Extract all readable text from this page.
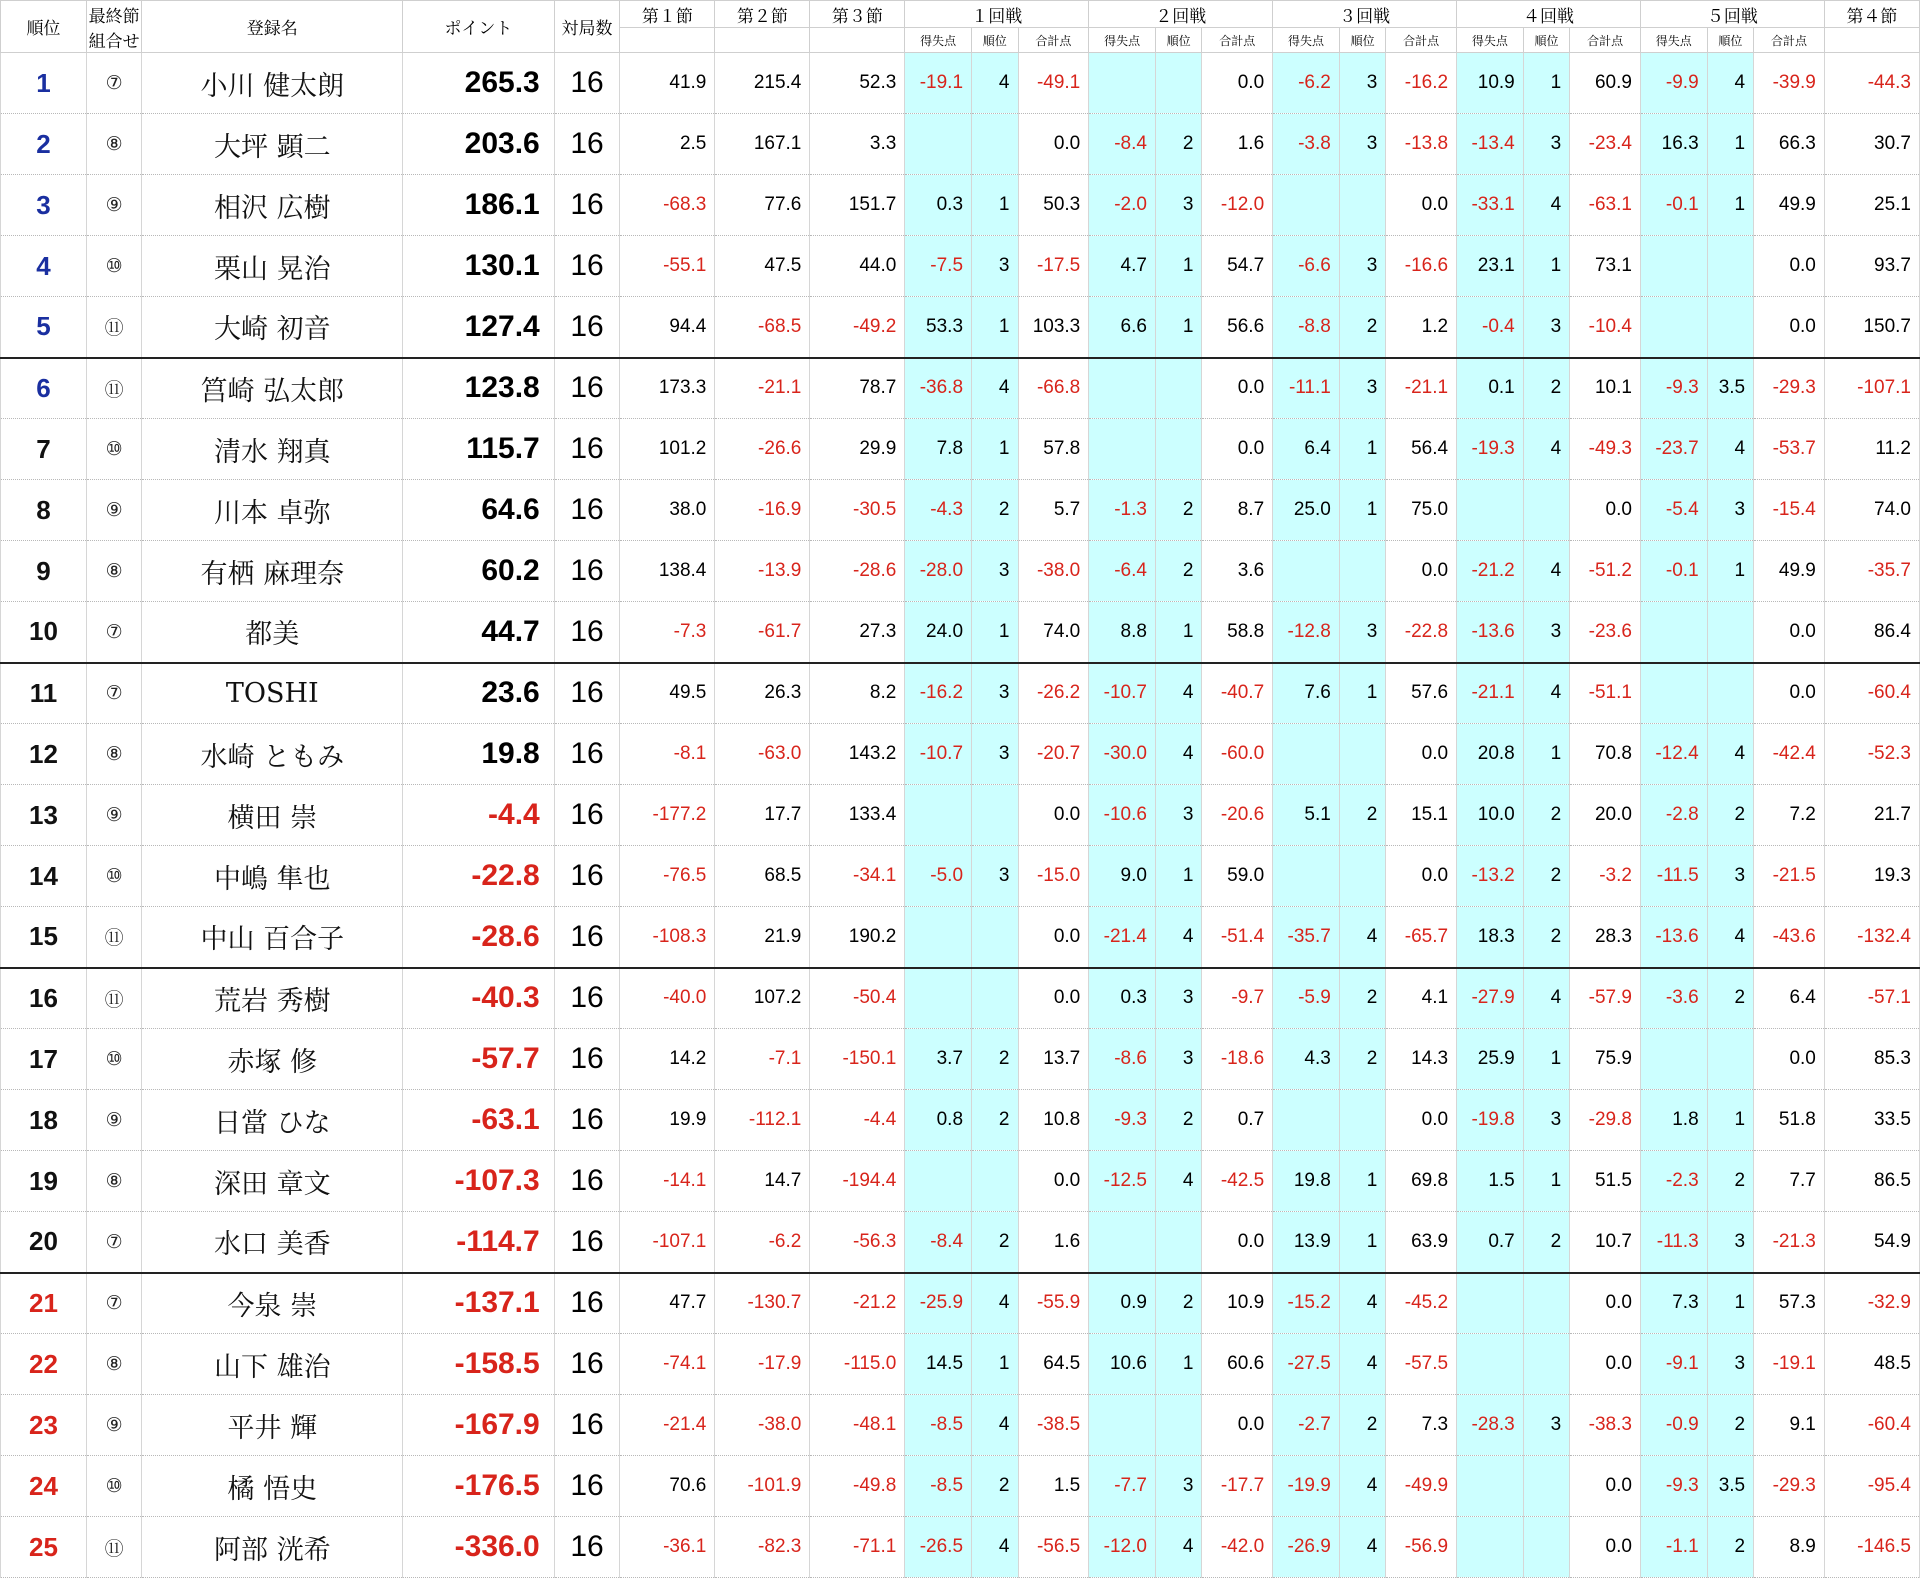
順位	最終節
組合せ	登録名	ポイント	対局数	第１節	第２節	第３節	１回戦			２回戦			３回戦			４回戦			５回戦			第４節
								得失点	順位	合計点	得失点	順位	合計点	得失点	順位	合計点	得失点	順位	合計点	得失点	順位	合計点	
1	⑦	小川 健太朗	265.3	16	41.9	215.4	52.3	-19.1	4	-49.1			0.0	-6.2	3	-16.2	10.9	1	60.9	-9.9	4	-39.9	-44.3
2	⑧	大坪 顕二	203.6	16	2.5	167.1	3.3			0.0	-8.4	2	1.6	-3.8	3	-13.8	-13.4	3	-23.4	16.3	1	66.3	30.7
3	⑨	相沢 広樹	186.1	16	-68.3	77.6	151.7	0.3	1	50.3	-2.0	3	-12.0			0.0	-33.1	4	-63.1	-0.1	1	49.9	25.1
4	⑩	栗山 晃治	130.1	16	-55.1	47.5	44.0	-7.5	3	-17.5	4.7	1	54.7	-6.6	3	-16.6	23.1	1	73.1			0.0	93.7
5	⑪	大崎 初音	127.4	16	94.4	-68.5	-49.2	53.3	1	103.3	6.6	1	56.6	-8.8	2	1.2	-0.4	3	-10.4			0.0	150.7
6	⑪	筥崎 弘太郎	123.8	16	173.3	-21.1	78.7	-36.8	4	-66.8			0.0	-11.1	3	-21.1	0.1	2	10.1	-9.3	3.5	-29.3	-107.1
7	⑩	清水 翔真	115.7	16	101.2	-26.6	29.9	7.8	1	57.8			0.0	6.4	1	56.4	-19.3	4	-49.3	-23.7	4	-53.7	11.2
8	⑨	川本 卓弥	64.6	16	38.0	-16.9	-30.5	-4.3	2	5.7	-1.3	2	8.7	25.0	1	75.0			0.0	-5.4	3	-15.4	74.0
9	⑧	有栖 麻理奈	60.2	16	138.4	-13.9	-28.6	-28.0	3	-38.0	-6.4	2	3.6			0.0	-21.2	4	-51.2	-0.1	1	49.9	-35.7
10	⑦	都美	44.7	16	-7.3	-61.7	27.3	24.0	1	74.0	8.8	1	58.8	-12.8	3	-22.8	-13.6	3	-23.6			0.0	86.4
11	⑦	TOSHI	23.6	16	49.5	26.3	8.2	-16.2	3	-26.2	-10.7	4	-40.7	7.6	1	57.6	-21.1	4	-51.1			0.0	-60.4
12	⑧	水崎 ともみ	19.8	16	-8.1	-63.0	143.2	-10.7	3	-20.7	-30.0	4	-60.0			0.0	20.8	1	70.8	-12.4	4	-42.4	-52.3
13	⑨	横田 崇	-4.4	16	-177.2	17.7	133.4			0.0	-10.6	3	-20.6	5.1	2	15.1	10.0	2	20.0	-2.8	2	7.2	21.7
14	⑩	中嶋 隼也	-22.8	16	-76.5	68.5	-34.1	-5.0	3	-15.0	9.0	1	59.0			0.0	-13.2	2	-3.2	-11.5	3	-21.5	19.3
15	⑪	中山 百合子	-28.6	16	-108.3	21.9	190.2			0.0	-21.4	4	-51.4	-35.7	4	-65.7	18.3	2	28.3	-13.6	4	-43.6	-132.4
16	⑪	荒岩 秀樹	-40.3	16	-40.0	107.2	-50.4			0.0	0.3	3	-9.7	-5.9	2	4.1	-27.9	4	-57.9	-3.6	2	6.4	-57.1
17	⑩	赤塚 修	-57.7	16	14.2	-7.1	-150.1	3.7	2	13.7	-8.6	3	-18.6	4.3	2	14.3	25.9	1	75.9			0.0	85.3
18	⑨	日當 ひな	-63.1	16	19.9	-112.1	-4.4	0.8	2	10.8	-9.3	2	0.7			0.0	-19.8	3	-29.8	1.8	1	51.8	33.5
19	⑧	深田 章文	-107.3	16	-14.1	14.7	-194.4			0.0	-12.5	4	-42.5	19.8	1	69.8	1.5	1	51.5	-2.3	2	7.7	86.5
20	⑦	水口 美香	-114.7	16	-107.1	-6.2	-56.3	-8.4	2	1.6			0.0	13.9	1	63.9	0.7	2	10.7	-11.3	3	-21.3	54.9
21	⑦	今泉 崇	-137.1	16	47.7	-130.7	-21.2	-25.9	4	-55.9	0.9	2	10.9	-15.2	4	-45.2			0.0	7.3	1	57.3	-32.9
22	⑧	山下 雄治	-158.5	16	-74.1	-17.9	-115.0	14.5	1	64.5	10.6	1	60.6	-27.5	4	-57.5			0.0	-9.1	3	-19.1	48.5
23	⑨	平井 輝	-167.9	16	-21.4	-38.0	-48.1	-8.5	4	-38.5			0.0	-2.7	2	7.3	-28.3	3	-38.3	-0.9	2	9.1	-60.4
24	⑩	橘 悟史	-176.5	16	70.6	-101.9	-49.8	-8.5	2	1.5	-7.7	3	-17.7	-19.9	4	-49.9			0.0	-9.3	3.5	-29.3	-95.4
25	⑪	阿部 洸希	-336.0	16	-36.1	-82.3	-71.1	-26.5	4	-56.5	-12.0	4	-42.0	-26.9	4	-56.9			0.0	-1.1	2	8.9	-146.5
